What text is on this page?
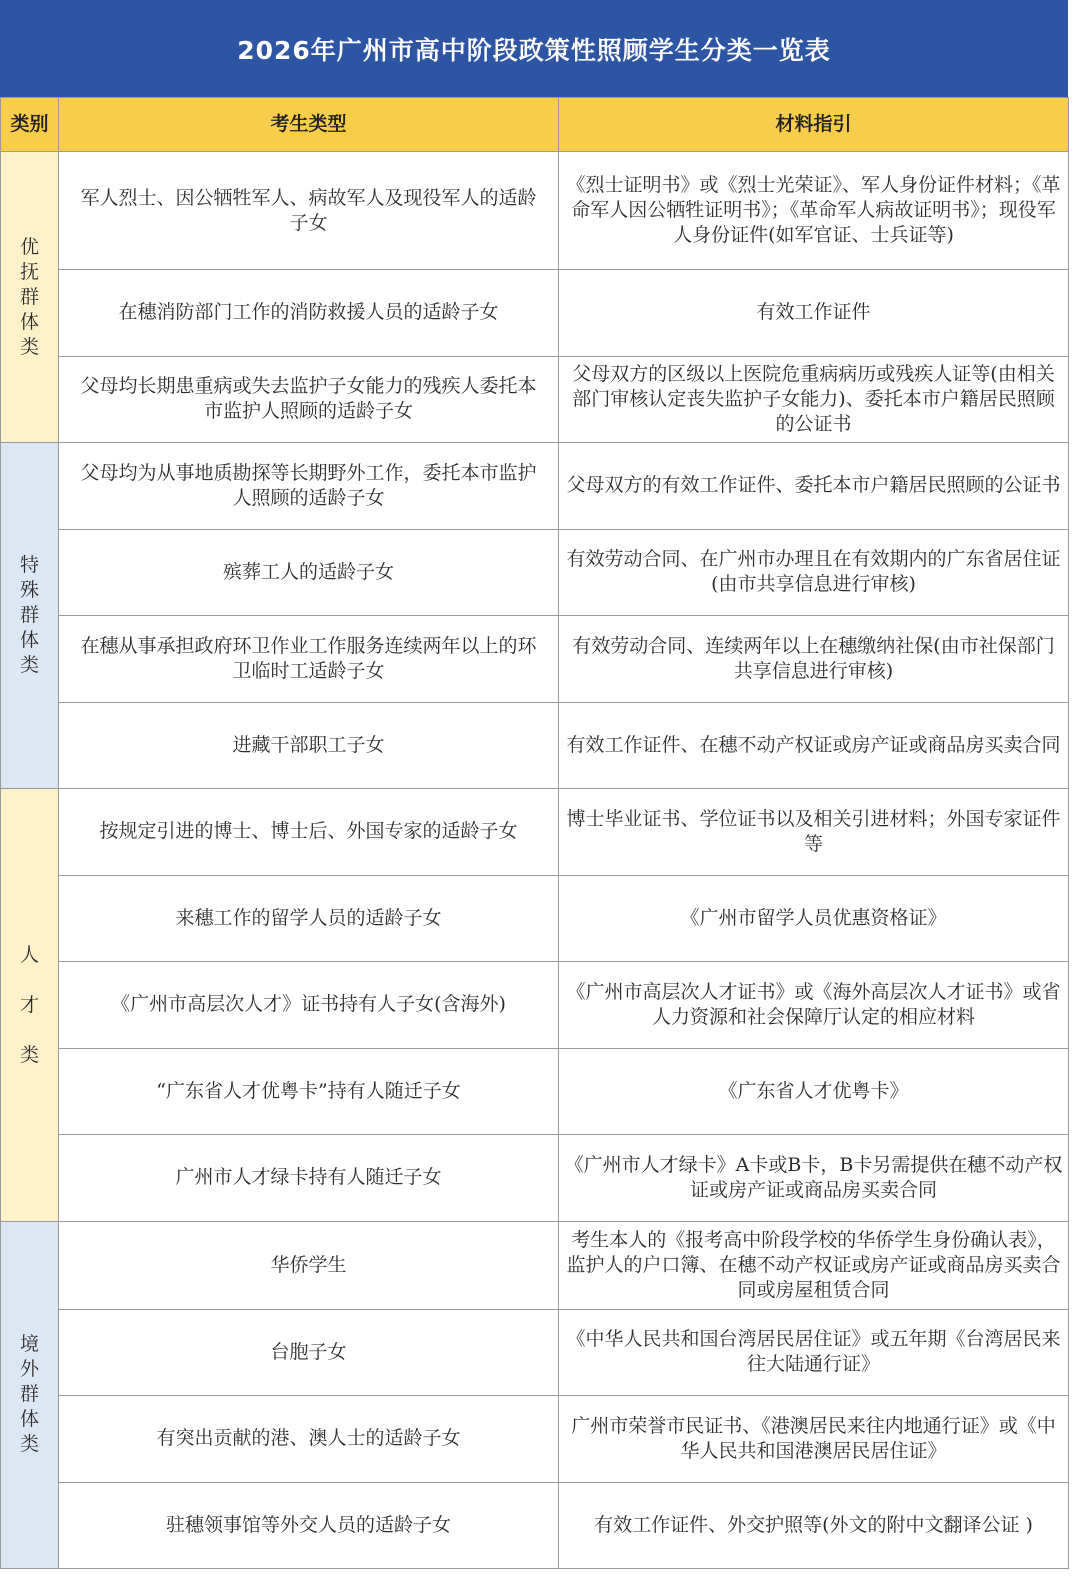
2026年广州市高中阶段政策性照顾学生分类一览表
类别	考生类型	材料指引
优
抚
群
体
类	军人烈士、因公牺牲军人、病故军人及现役军人的适龄子女	《烈士证明书》或《烈士光荣证》、军人身份证件材料；《革命军人因公牺牲证明书》；《革命军人病故证明书》；现役军人身份证件(如军官证、士兵证等)
	在穗消防部门工作的消防救援人员的适龄子女	有效工作证件
	父母均长期患重病或失去监护子女能力的残疾人委托本市监护人照顾的适龄子女	父母双方的区级以上医院危重病病历或残疾人证等(由相关部门审核认定丧失监护子女能力)、委托本市户籍居民照顾的公证书
特
殊
群
体
类	父母均为从事地质勘探等长期野外工作，委托本市监护人照顾的适龄子女	父母双方的有效工作证件、委托本市户籍居民照顾的公证书
	殡葬工人的适龄子女	有效劳动合同、在广州市办理且在有效期内的广东省居住证(由市共享信息进行审核)
	在穗从事承担政府环卫作业工作服务连续两年以上的环卫临时工适龄子女	有效劳动合同、连续两年以上在穗缴纳社保(由市社保部门共享信息进行审核)
	进藏干部职工子女	有效工作证件、在穗不动产权证或房产证或商品房买卖合同
人
才
类	按规定引进的博士、博士后、外国专家的适龄子女	博士毕业证书、学位证书以及相关引进材料；外国专家证件等
	来穗工作的留学人员的适龄子女	《广州市留学人员优惠资格证》
	《广州市高层次人才》证书持有人子女(含海外)	《广州市高层次人才证书》或《海外高层次人才证书》或省人力资源和社会保障厅认定的相应材料
	“广东省人才优粤卡”持有人随迁子女	《广东省人才优粤卡》
	广州市人才绿卡持有人随迁子女	《广州市人才绿卡》A卡或B卡，B卡另需提供在穗不动产权证或房产证或商品房买卖合同
境
外
群
体
类	华侨学生	考生本人的《报考高中阶段学校的华侨学生身份确认表》，监护人的户口簿、在穗不动产权证或房产证或商品房买卖合同或房屋租赁合同
	台胞子女	《中华人民共和国台湾居民居住证》或五年期《台湾居民来往大陆通行证》
	有突出贡献的港、澳人士的适龄子女	广州市荣誉市民证书、《港澳居民来往内地通行证》或《中华人民共和国港澳居民居住证》
	驻穗领事馆等外交人员的适龄子女	有效工作证件、外交护照等(外文的附中文翻译公证 )
